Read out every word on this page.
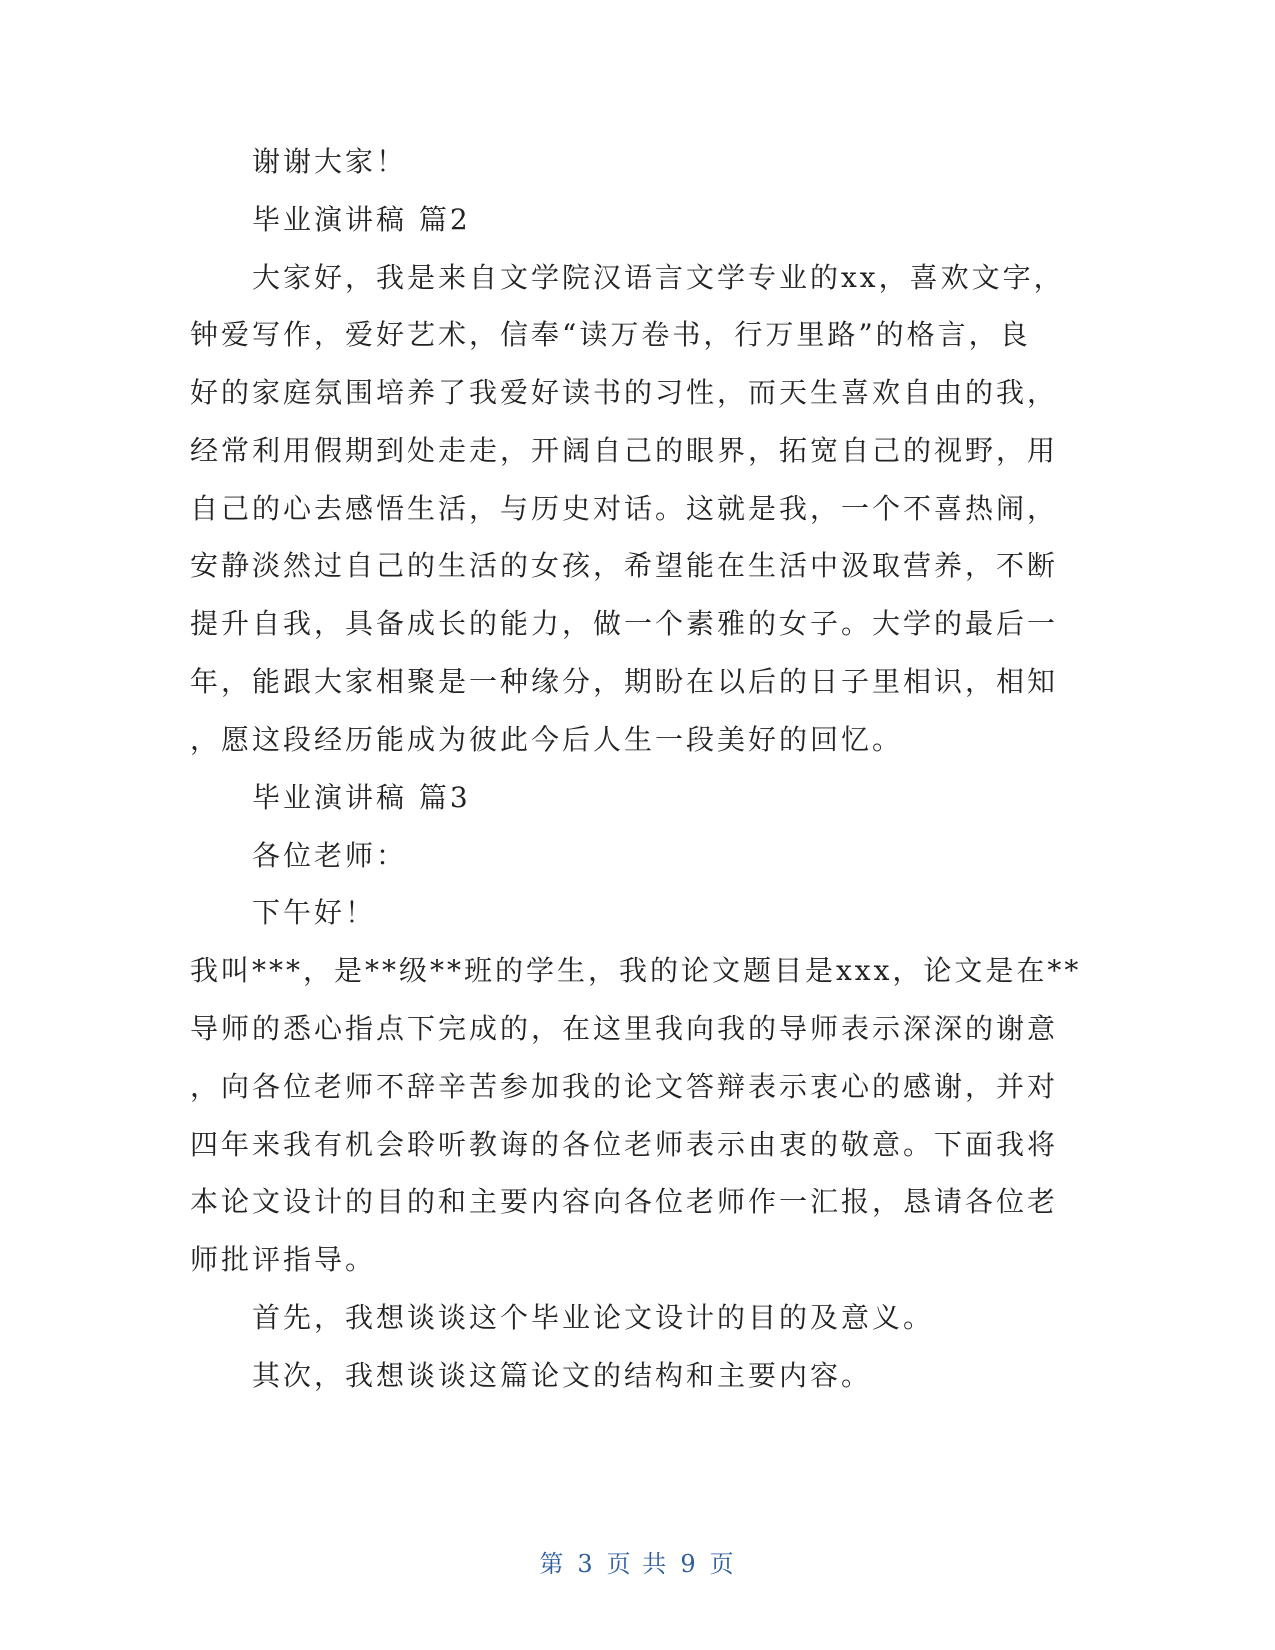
谢谢大家！
毕业演讲稿 篇2
大家好，我是来自文学院汉语言文学专业的xx，喜欢文字，
钟爱写作，爱好艺术，信奉“读万卷书，行万里路”的格言，良
好的家庭氛围培养了我爱好读书的习性，而天生喜欢自由的我，
经常利用假期到处走走，开阔自己的眼界，拓宽自己的视野，用
自己的心去感悟生活，与历史对话。这就是我，一个不喜热闹，
安静淡然过自己的生活的女孩，希望能在生活中汲取营养，不断
提升自我，具备成长的能力，做一个素雅的女子。大学的最后一
年，能跟大家相聚是一种缘分，期盼在以后的日子里相识，相知
，愿这段经历能成为彼此今后人生一段美好的回忆。
毕业演讲稿 篇3
各位老师：
下午好！
我叫***，是**级**班的学生，我的论文题目是xxx，论文是在**
导师的悉心指点下完成的，在这里我向我的导师表示深深的谢意
，向各位老师不辞辛苦参加我的论文答辩表示衷心的感谢，并对
四年来我有机会聆听教诲的各位老师表示由衷的敬意。下面我将
本论文设计的目的和主要内容向各位老师作一汇报，恳请各位老
师批评指导。
首先，我想谈谈这个毕业论文设计的目的及意义。
其次，我想谈谈这篇论文的结构和主要内容。
第 3 页 共 9 页
